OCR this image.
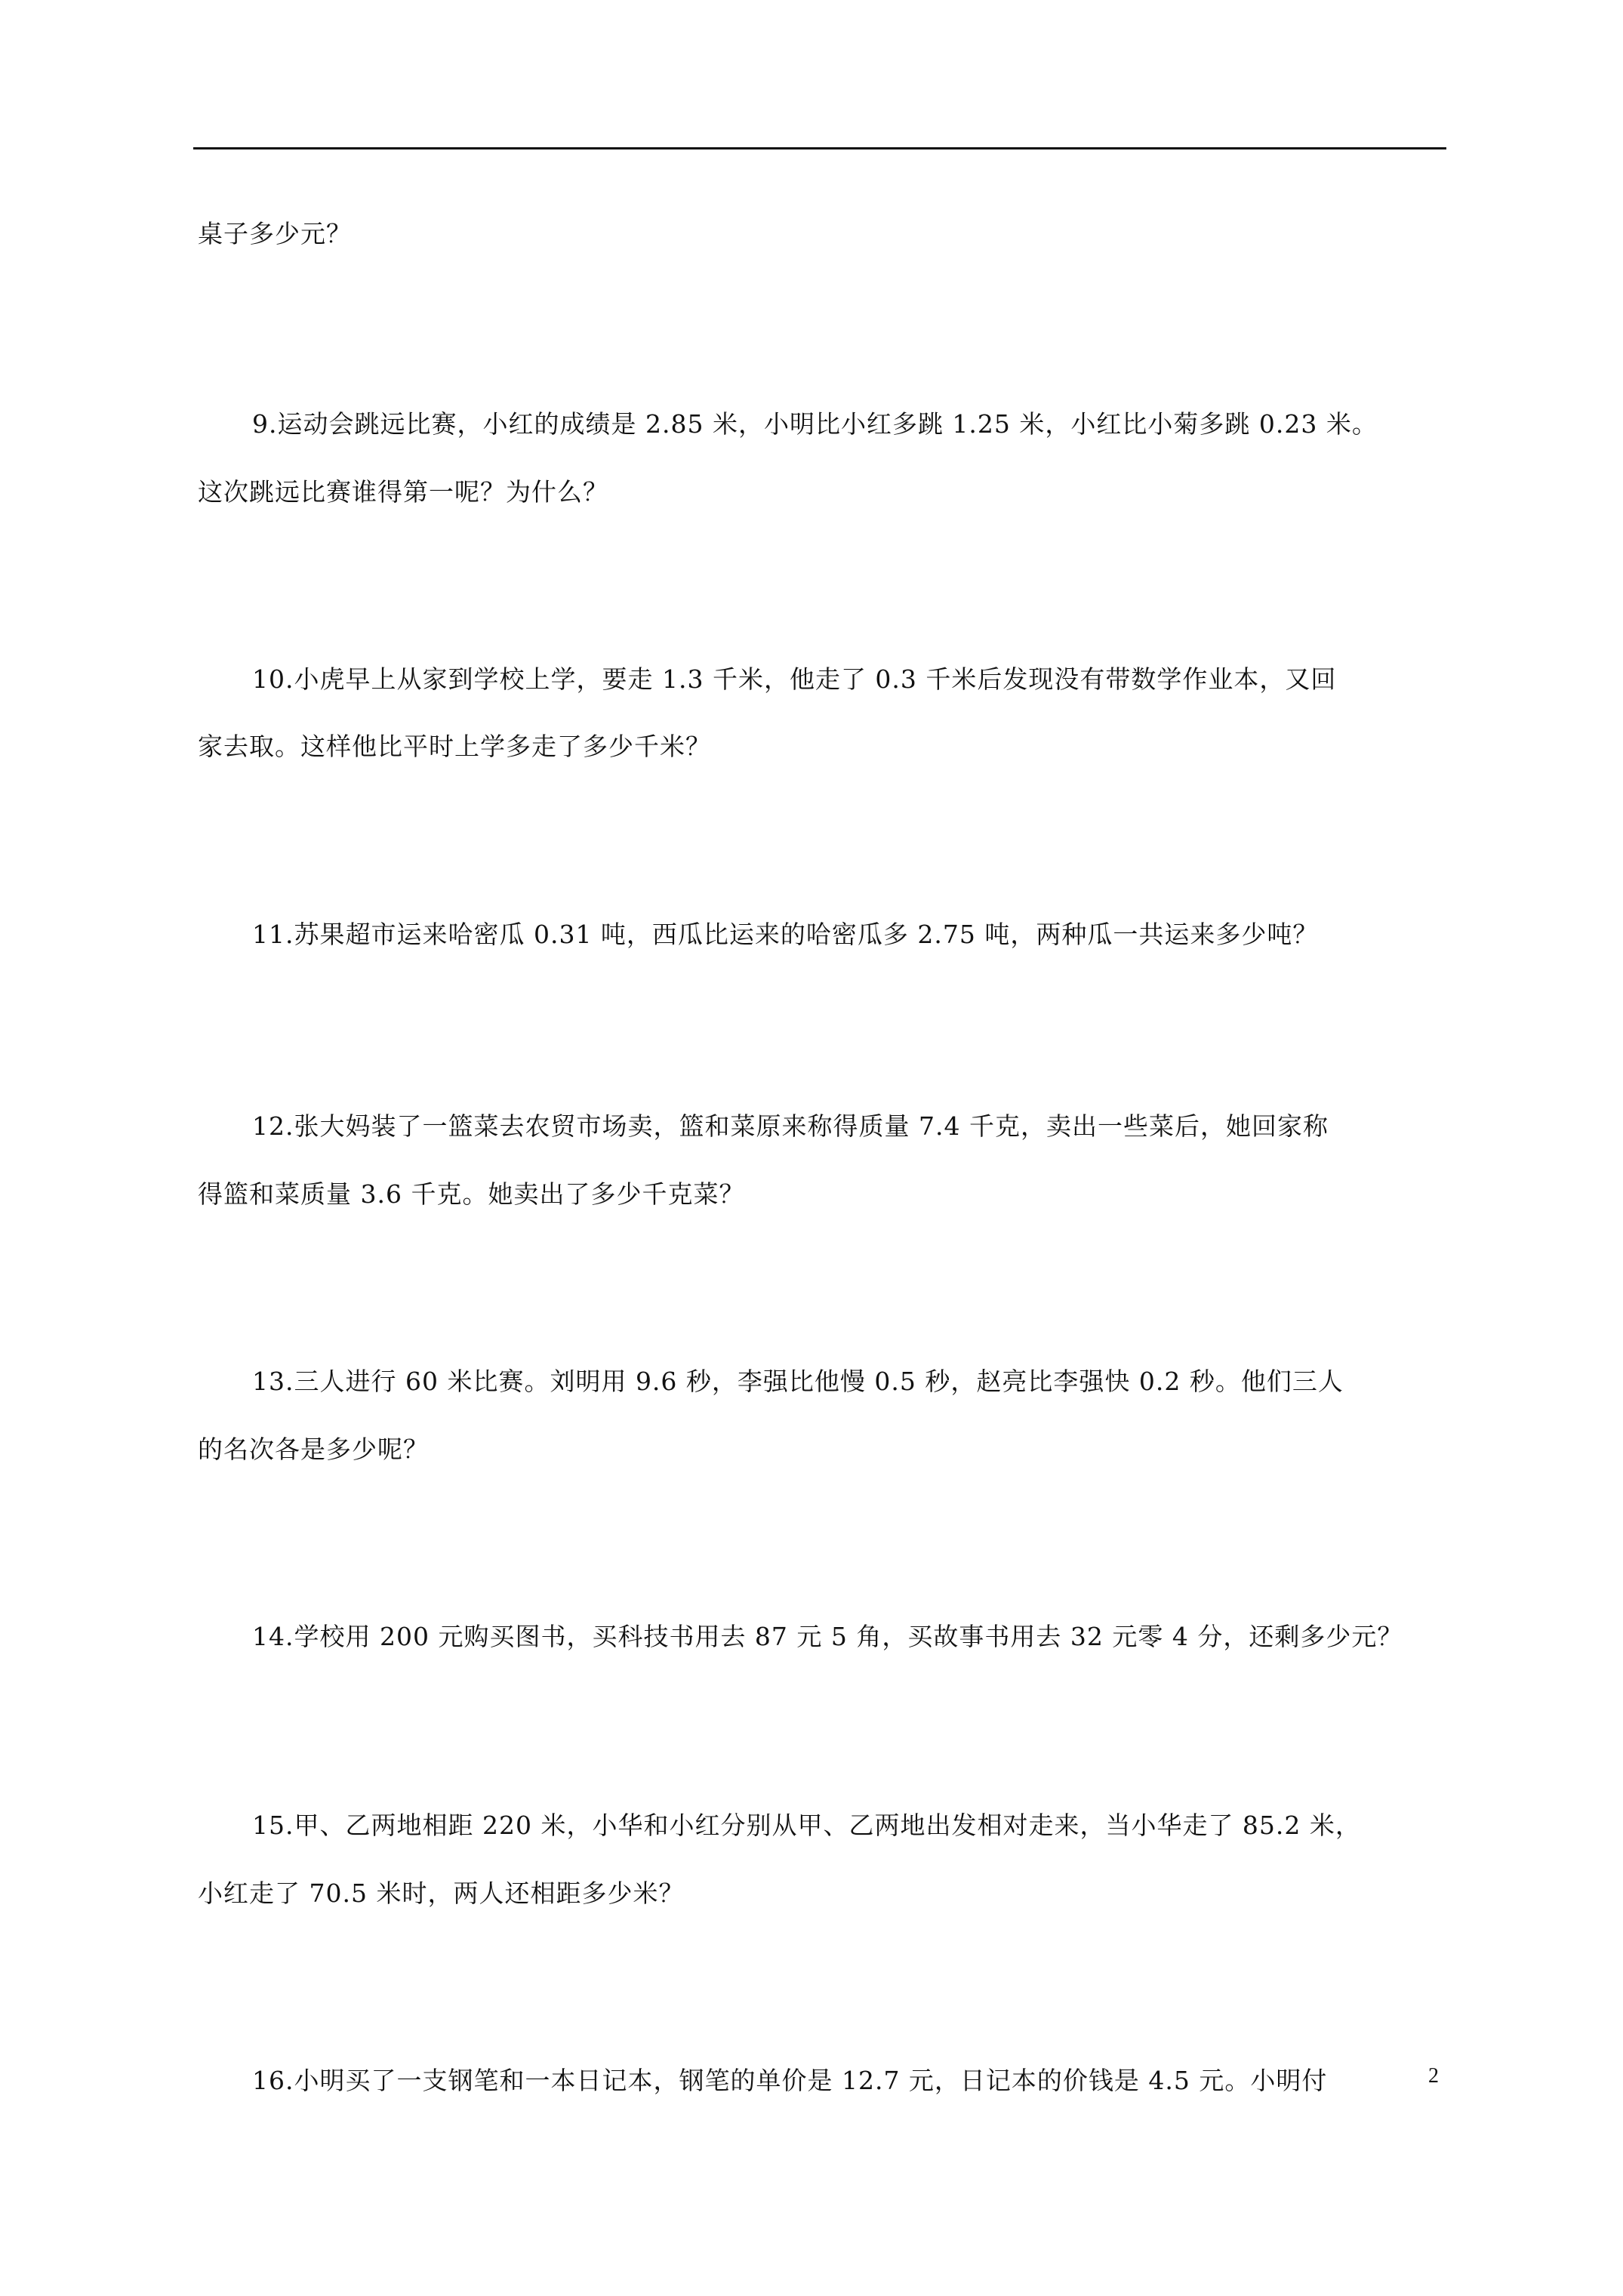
桌子多少元？
9.运动会跳远比赛，小红的成绩是 2.85 米，小明比小红多跳 1.25 米，小红比小菊多跳 0.23 米。
这次跳远比赛谁得第一呢？为什么？
10.小虎早上从家到学校上学，要走 1.3 千米，他走了 0.3 千米后发现没有带数学作业本，又回
家去取。这样他比平时上学多走了多少千米？
11.苏果超市运来哈密瓜 0.31 吨，西瓜比运来的哈密瓜多 2.75 吨，两种瓜一共运来多少吨？
12.张大妈装了一篮菜去农贸市场卖，篮和菜原来称得质量 7.4 千克，卖出一些菜后，她回家称
得篮和菜质量 3.6 千克。她卖出了多少千克菜？
13.三人进行 60 米比赛。刘明用 9.6 秒，李强比他慢 0.5 秒，赵亮比李强快 0.2 秒。他们三人
的名次各是多少呢？
14.学校用 200 元购买图书，买科技书用去 87 元 5 角，买故事书用去 32 元零 4 分，还剩多少元？
15.甲、乙两地相距 220 米，小华和小红分别从甲、乙两地出发相对走来，当小华走了 85.2 米，
小红走了 70.5 米时，两人还相距多少米？
16.小明买了一支钢笔和一本日记本，钢笔的单价是 12.7 元，日记本的价钱是 4.5 元。小明付	2
